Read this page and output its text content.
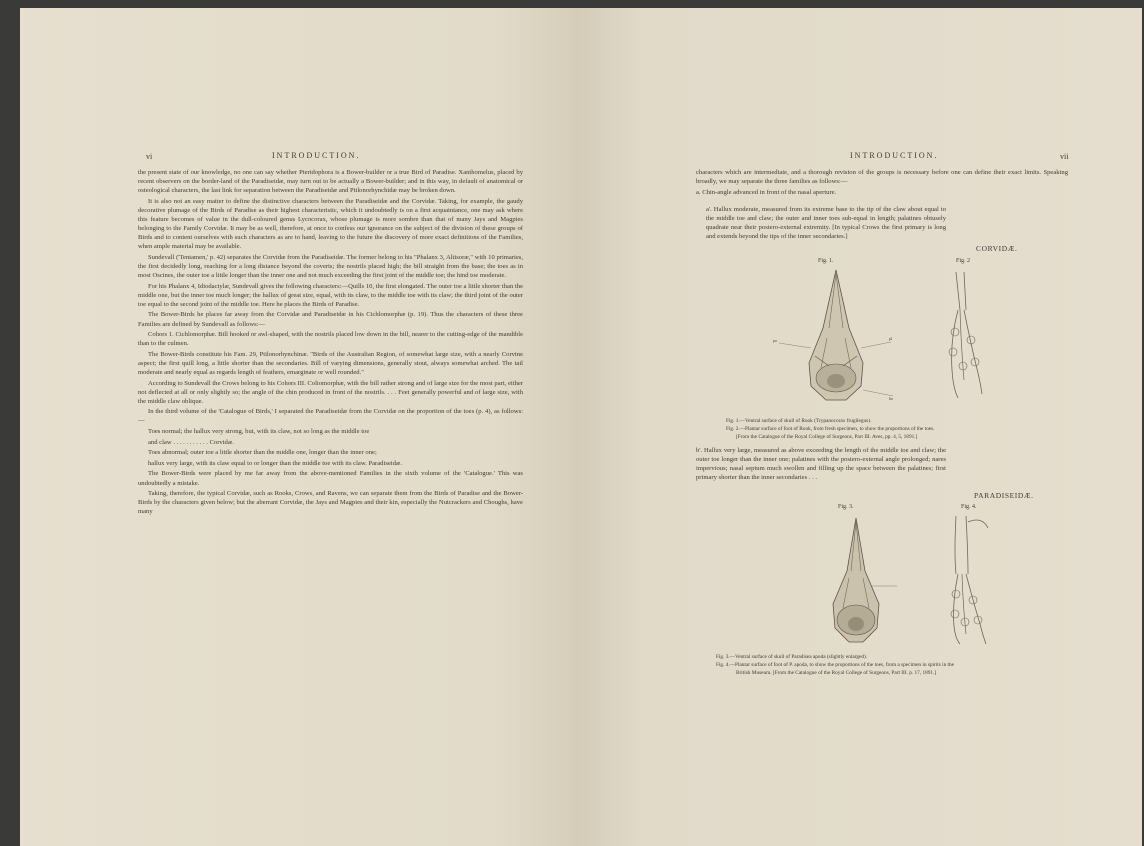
vi	INTRODUCTION.

the present state of our knowledge, no one can say whether Pteridophora is a Bower-builder or a true Bird of Paradise. Xanthomelus, placed by recent observers on the border-land of the Paradiseidæ, may turn out to be actually a Bower-builder; and in this way, in default of anatomical or osteological characters, the last link for separation between the Paradiseidæ and Ptilonorhynchidæ may be broken down.

It is also not an easy matter to define the distinctive characters between the Paradiseidæ and the Corvidæ. Taking, for example, the gaudy decorative plumage of the Birds of Paradise as their highest characteristic, which it undoubtedly is on a first acquaintance, one may ask where this feature becomes of value in the dull-coloured genus Lycocorax, whose plumage is more sombre than that of many Jays and Magpies belonging to the Family Corvidæ. It may be as well, therefore, at once to confess our ignorance on the subject of the division of these groups of Birds and to content ourselves with such characters as are to hand, leaving to the future the discovery of more exact definitions of the Families, when ample material may be available.

Sundevall ('Tentamen,' p. 42) separates the Corvidæ from the Paradiseidæ. The former belong to his "Phalanx 3, Altisoræ," with 10 primaries, the first decidedly long, reaching for a long distance beyond the coverts; the nostrils placed high; the bill straight from the base; the toes as in most Oscines, the outer toe a little longer than the inner one and not much exceeding the first joint of the middle toe; the hind toe moderate.

For his Phalanx 4, Idiodactylæ, Sundevall gives the following characters:—Quills 10, the first elongated. The outer toe a little shorter than the middle one, but the inner toe much longer; the hallux of great size, equal, with its claw, to the middle toe with its claw; the third joint of the outer toe equal to the second joint of the middle toe. Here he places the Birds of Paradise.

The Bower-Birds he places far away from the Corvidæ and Paradiseidæ in his Cichlomorphæ (p. 19). Thus the characters of these three Families are defined by Sundevall as follows:—

Cohors 1. Cichlomorphæ. Bill hooked or awl-shaped, with the nostrils placed low down in the bill, nearer to the cutting-edge of the mandible than to the culmen.

The Bower-Birds constitute his Fam. 29, Ptilonorhynchinæ. "Birds of the Australian Region, of somewhat large size, with a nearly Corvine aspect; the first quill long, a little shorter than the secondaries. Bill of varying dimensions, generally stout, always somewhat arched. The tail moderate and nearly equal as regards length of feathers, emarginate or well rounded."

According to Sundevall the Crows belong to his Cohors III. Coliomorphæ, with the bill rather strong and of large size for the most part, either not deflected at all or only slightly so; the angle of the chin produced in front of the nostrils. . . . Feet generally powerful and of large size, with the middle claw oblique.

In the third volume of the 'Catalogue of Birds,' I separated the Paradiseidæ from the Corvidæ on the proportion of the toes (p. 4), as follows:—

Toes normal; the hallux very strong, but, with its claw, not so long as the middle toe

and claw . . . . . . . . . . . Corvidæ.

Toes abnormal; outer toe a little shorter than the middle one, longer than the inner one;

hallux very large, with its claw equal to or longer than the middle toe with its claw. Paradiseidæ.

The Bower-Birds were placed by me far away from the above-mentioned Families in the sixth volume of the 'Catalogue.' This was undoubtedly a mistake.

Taking, therefore, the typical Corvidæ, such as Rooks, Crows, and Ravens, we can separate them from the Birds of Paradise and the Bower-Birds by the characters given below; but the aberrant Corvidæ, the Jays and Magpies and their kin, especially the Nutcrackers and Choughs, have many

INTRODUCTION.	vii

characters which are intermediate, and a thorough revision of the groups is necessary before one can define their exact limits. Speaking broadly, we may separate the three families as follows:—

a. Chin-angle advanced in front of the nasal aperture.

a'. Hallux moderate, measured from its extreme base to the tip of the claw about equal to the middle toe and claw; the outer and inner toes sub-equal in length; palatines obtusely quadrate near their postero-external extremity. [In typical Crows the first primary is long and extends beyond the tips of the inner secondaries.]
CORVIDÆ.
Fig. 1.	Fig. 2
pa	pl
ba
Fig. 1.—Ventral surface of skull of Rook (Trypanocorax frugilegus).
Fig. 2.—Plantar surface of foot of Rook, from fresh specimen, to show the proportions of the toes.
[From the Catalogue of the Royal College of Surgeons, Part III. Aves, pp. 4, 5, 1891.]
b'. Hallux very large, measured as above exceeding the length of the middle toe and claw; the outer toe longer than the inner one; palatines with the postero-external angle prolonged; nares impervious; nasal septum much swollen and filling up the space between the palatines; first primary shorter than the inner secondaries . . .
PARADISEIDÆ.
Fig. 3.	Fig. 4.
Fig. 3.—Ventral surface of skull of Paradisea apoda (slightly enlarged).
Fig. 4.—Plantar surface of foot of P. apoda, to show the proportions of the toes, from a specimen in spirits in the
British Museum. [From the Catalogue of the Royal College of Surgeons, Part III. p. 17, 1891.]
